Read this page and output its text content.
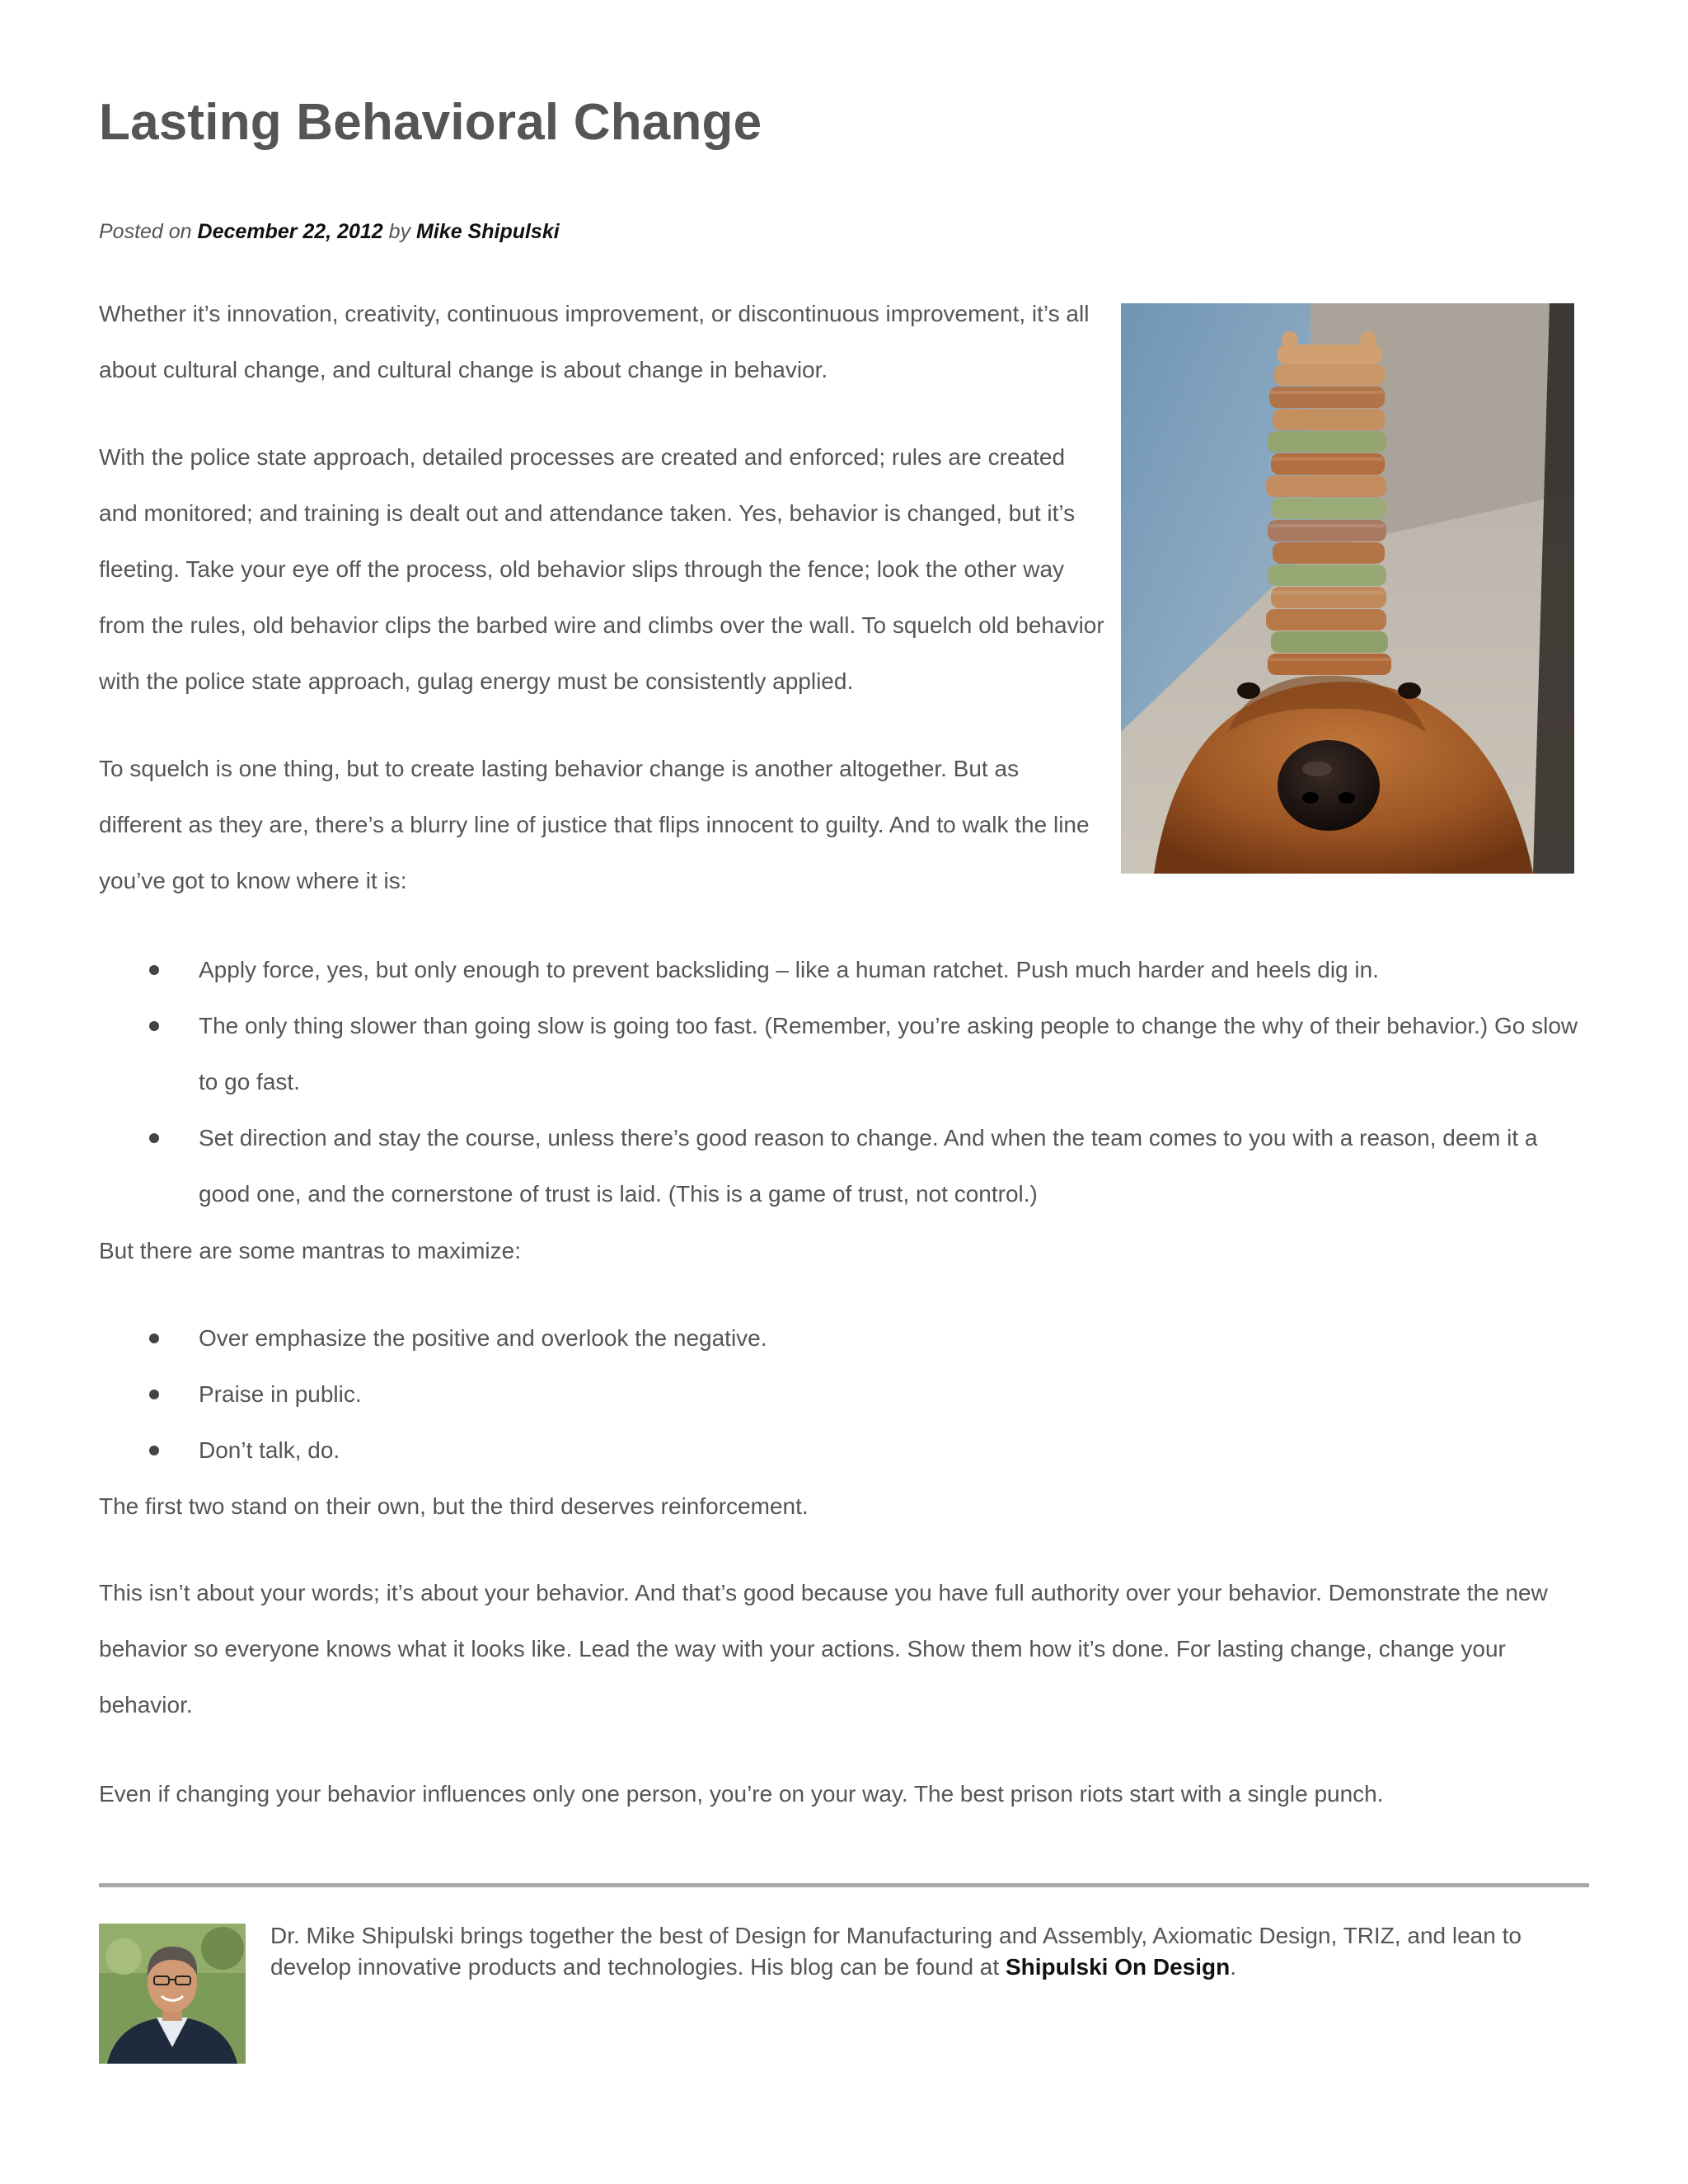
Lasting Behavioral Change
Posted on December 22, 2012 by Mike Shipulski

Whether it’s innovation, creativity, continuous improvement, or discontinuous improvement, it’s all about cultural change, and cultural change is about change in behavior.

With the police state approach, detailed processes are created and enforced; rules are created and monitored; and training is dealt out and attendance taken. Yes, behavior is changed, but it’s fleeting. Take your eye off the process, old behavior slips through the fence; look the other way from the rules, old behavior clips the barbed wire and climbs over the wall. To squelch old behavior with the police state approach, gulag energy must be consistently applied.

To squelch is one thing, but to create lasting behavior change is another altogether. But as different as they are, there’s a blurry line of justice that flips innocent to guilty. And to walk the line you’ve got to know where it is:

Apply force, yes, but only enough to prevent backsliding – like a human ratchet. Push much harder and heels dig in.
The only thing slower than going slow is going too fast. (Remember, you’re asking people to change the why of their behavior.) Go slow to go fast.
Set direction and stay the course, unless there’s good reason to change. And when the team comes to you with a reason, deem it a good one, and the cornerstone of trust is laid. (This is a game of trust, not control.)

But there are some mantras to maximize:

Over emphasize the positive and overlook the negative.
Praise in public.
Don’t talk, do.

The first two stand on their own, but the third deserves reinforcement.

This isn’t about your words; it’s about your behavior. And that’s good because you have full authority over your behavior. Demonstrate the new behavior so everyone knows what it looks like. Lead the way with your actions. Show them how it’s done. For lasting change, change your behavior.

Even if changing your behavior influences only one person, you’re on your way. The best prison riots start with a single punch.

Dr. Mike Shipulski brings together the best of Design for Manufacturing and Assembly, Axiomatic Design, TRIZ, and lean to develop innovative products and technologies. His blog can be found at Shipulski On Design.
